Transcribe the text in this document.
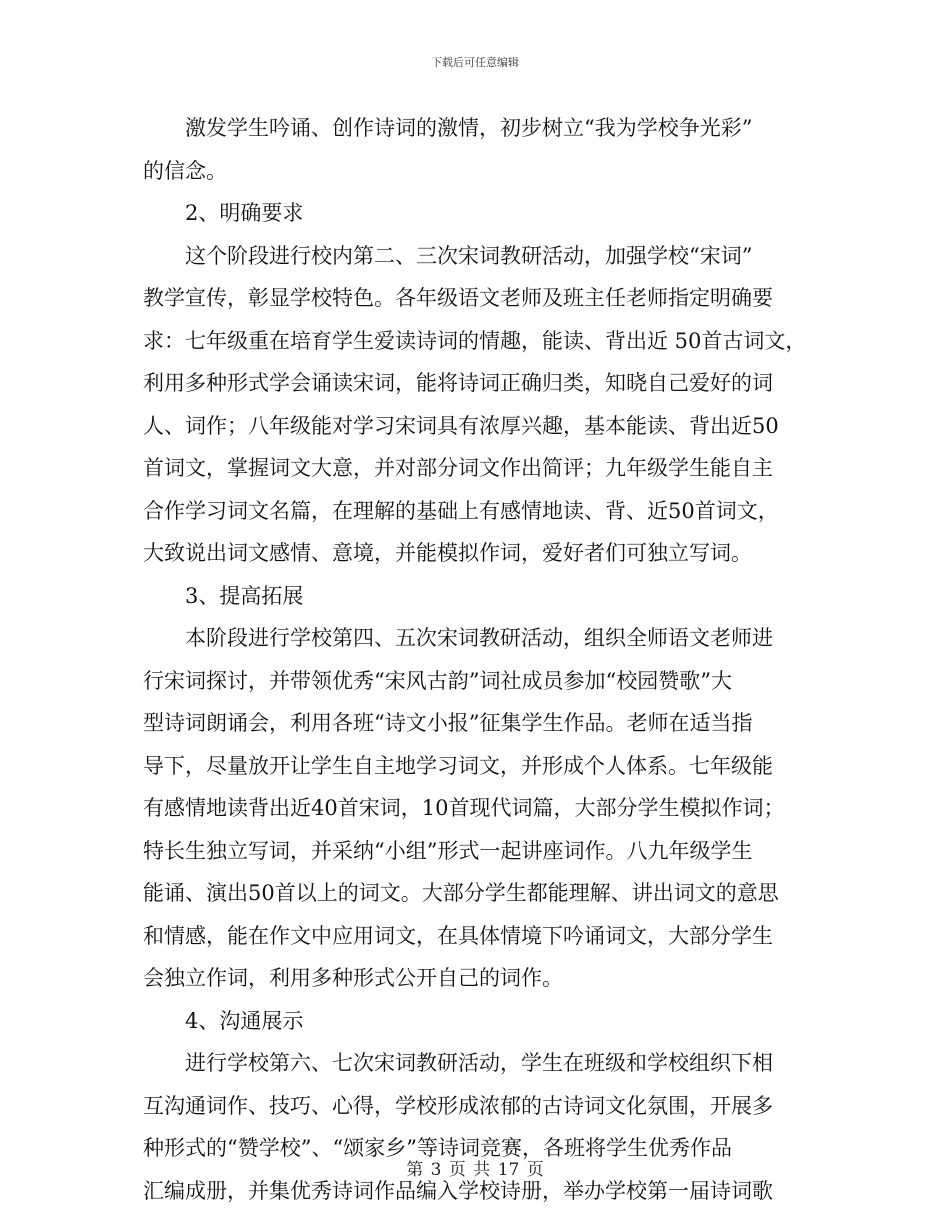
下载后可任意编辑
激发学生吟诵、创作诗词的激情，初步树立“我为学校争光彩”
的信念。
2、明确要求
这个阶段进行校内第二、三次宋词教研活动，加强学校“宋词”
教学宣传，彰显学校特色。各年级语文老师及班主任老师指定明确要
求：七年级重在培育学生爱读诗词的情趣，能读、背出近 50首古词文，
利用多种形式学会诵读宋词，能将诗词正确归类，知晓自己爱好的词
人、词作；八年级能对学习宋词具有浓厚兴趣，基本能读、背出近50
首词文，掌握词文大意，并对部分词文作出简评；九年级学生能自主
合作学习词文名篇，在理解的基础上有感情地读、背、近50首词文，
大致说出词文感情、意境，并能模拟作词，爱好者们可独立写词。
3、提高拓展
本阶段进行学校第四、五次宋词教研活动，组织全师语文老师进
行宋词探讨，并带领优秀“宋风古韵”词社成员参加“校园赞歌”大
型诗词朗诵会，利用各班“诗文小报”征集学生作品。老师在适当指
导下，尽量放开让学生自主地学习词文，并形成个人体系。七年级能
有感情地读背出近40首宋词，10首现代词篇，大部分学生模拟作词；
特长生独立写词，并采纳“小组”形式一起讲座词作。八九年级学生
能诵、演出50首以上的词文。大部分学生都能理解、讲出词文的意思
和情感，能在作文中应用词文，在具体情境下吟诵词文，大部分学生
会独立作词，利用多种形式公开自己的词作。
4、沟通展示
进行学校第六、七次宋词教研活动，学生在班级和学校组织下相
互沟通词作、技巧、心得，学校形成浓郁的古诗词文化氛围，开展多
种形式的“赞学校”、“颂家乡”等诗词竞赛，各班将学生优秀作品
汇编成册，并集优秀诗词作品编入学校诗册，举办学校第一届诗词歌
第 3 页 共 17 页
